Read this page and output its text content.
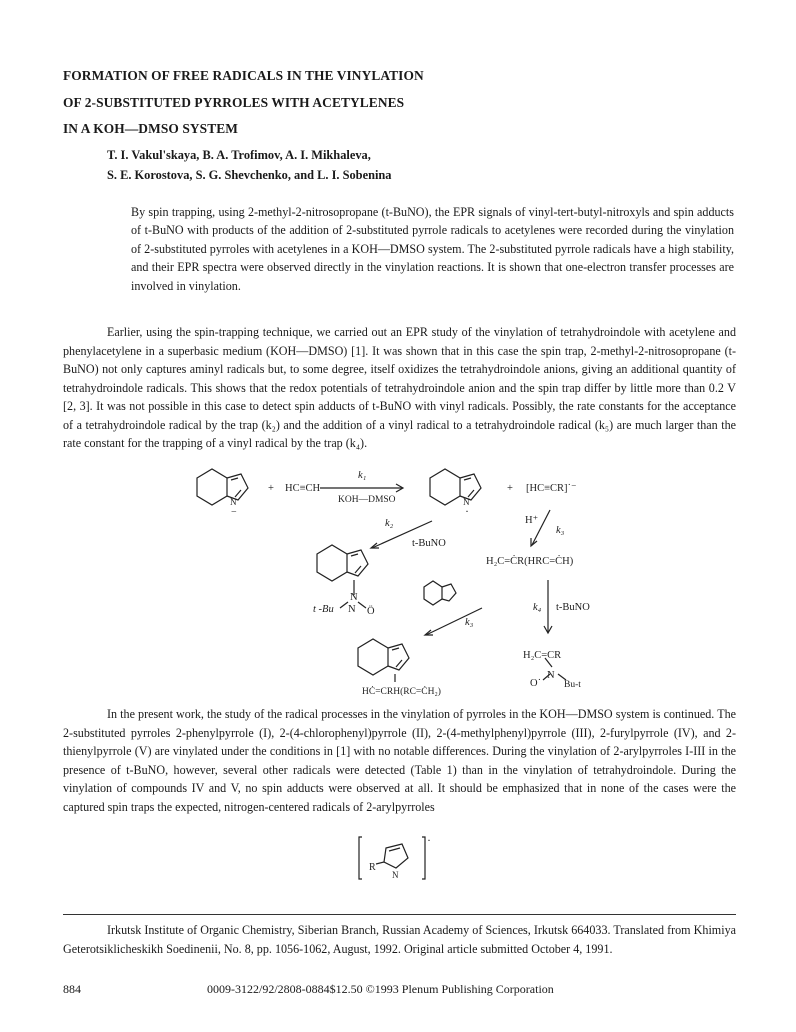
FORMATION OF FREE RADICALS IN THE VINYLATION
OF 2-SUBSTITUTED PYRROLES WITH ACETYLENES
IN A KOH—DMSO SYSTEM
T. I. Vakul'skaya, B. A. Trofimov, A. I. Mikhaleva,
S. E. Korostova, S. G. Shevchenko, and L. I. Sobenina
By spin trapping, using 2-methyl-2-nitrosopropane (t-BuNO), the EPR signals of vinyl-tert-butyl-nitroxyls and spin adducts of t-BuNO with products of the addition of 2-substituted pyrrole radicals to acetylenes were recorded during the vinylation of 2-substituted pyrroles with acetylenes in a KOH—DMSO system. The 2-substituted pyrrole radicals have a high stability, and their EPR spectra were observed directly in the vinylation reactions. It is shown that one-electron transfer processes are involved in vinylation.
Earlier, using the spin-trapping technique, we carried out an EPR study of the vinylation of tetrahydroindole with acetylene and phenylacetylene in a superbasic medium (KOH—DMSO) [1]. It was shown that in this case the spin trap, 2-methyl-2-nitrosopropane (t-BuNO) not only captures aminyl radicals but, to some degree, itself oxidizes the tetrahydroindole anions, giving an additional quantity of tetrahydroindole radicals. This shows that the redox potentials of tetrahydroindole anion and the spin trap differ by little more than 0.2 V [2, 3]. It was not possible in this case to detect spin adducts of t-BuNO with vinyl radicals. Possibly, the rate constants for the acceptance of a tetrahydroindole radical by the trap (k₂) and the addition of a vinyl radical to a tetrahydroindole radical (k₅) are much larger than the rate constant for the trapping of a vinyl radical by the trap (k₄).
+ HC≡CH
k₁
KOH—DMSO
+ [HC≡CR]˙⁻
H⁺
k₃
k₂
t-BuNO
H₂C=ĊR(HRC=ĊH)
k₄ t-BuNO
k₃
N
t -Bu N Ö
H₂C=CR
N
O˙ Bu-t
HĊ=CRH(RC=ĊH₂)
N
−
N
·
In the present work, the study of the radical processes in the vinylation of pyrroles in the KOH—DMSO system is continued. The 2-substituted pyrroles 2-phenylpyrrole (I), 2-(4-chlorophenyl)pyrrole (II), 2-(4-methylphenyl)pyrrole (III), 2-furylpyrrole (IV), and 2-thienylpyrrole (V) are vinylated under the conditions in [1] with no notable differences. During the vinylation of 2-arylpyrroles I-III in the presence of t-BuNO, however, several other radicals were detected (Table 1) than in the vinylation of tetrahydroindole. During the vinylation of compounds IV and V, no spin adducts were observed at all. It should be emphasized that in none of the cases were the captured spin traps the expected, nitrogen-centered radicals of 2-arylpyrroles
R
N
·
Irkutsk Institute of Organic Chemistry, Siberian Branch, Russian Academy of Sciences, Irkutsk 664033. Translated from Khimiya Geterotsiklicheskikh Soedinenii, No. 8, pp. 1056-1062, August, 1992. Original article submitted October 4, 1991.
884	0009-3122/92/2808-0884$12.50 ©1993 Plenum Publishing Corporation
